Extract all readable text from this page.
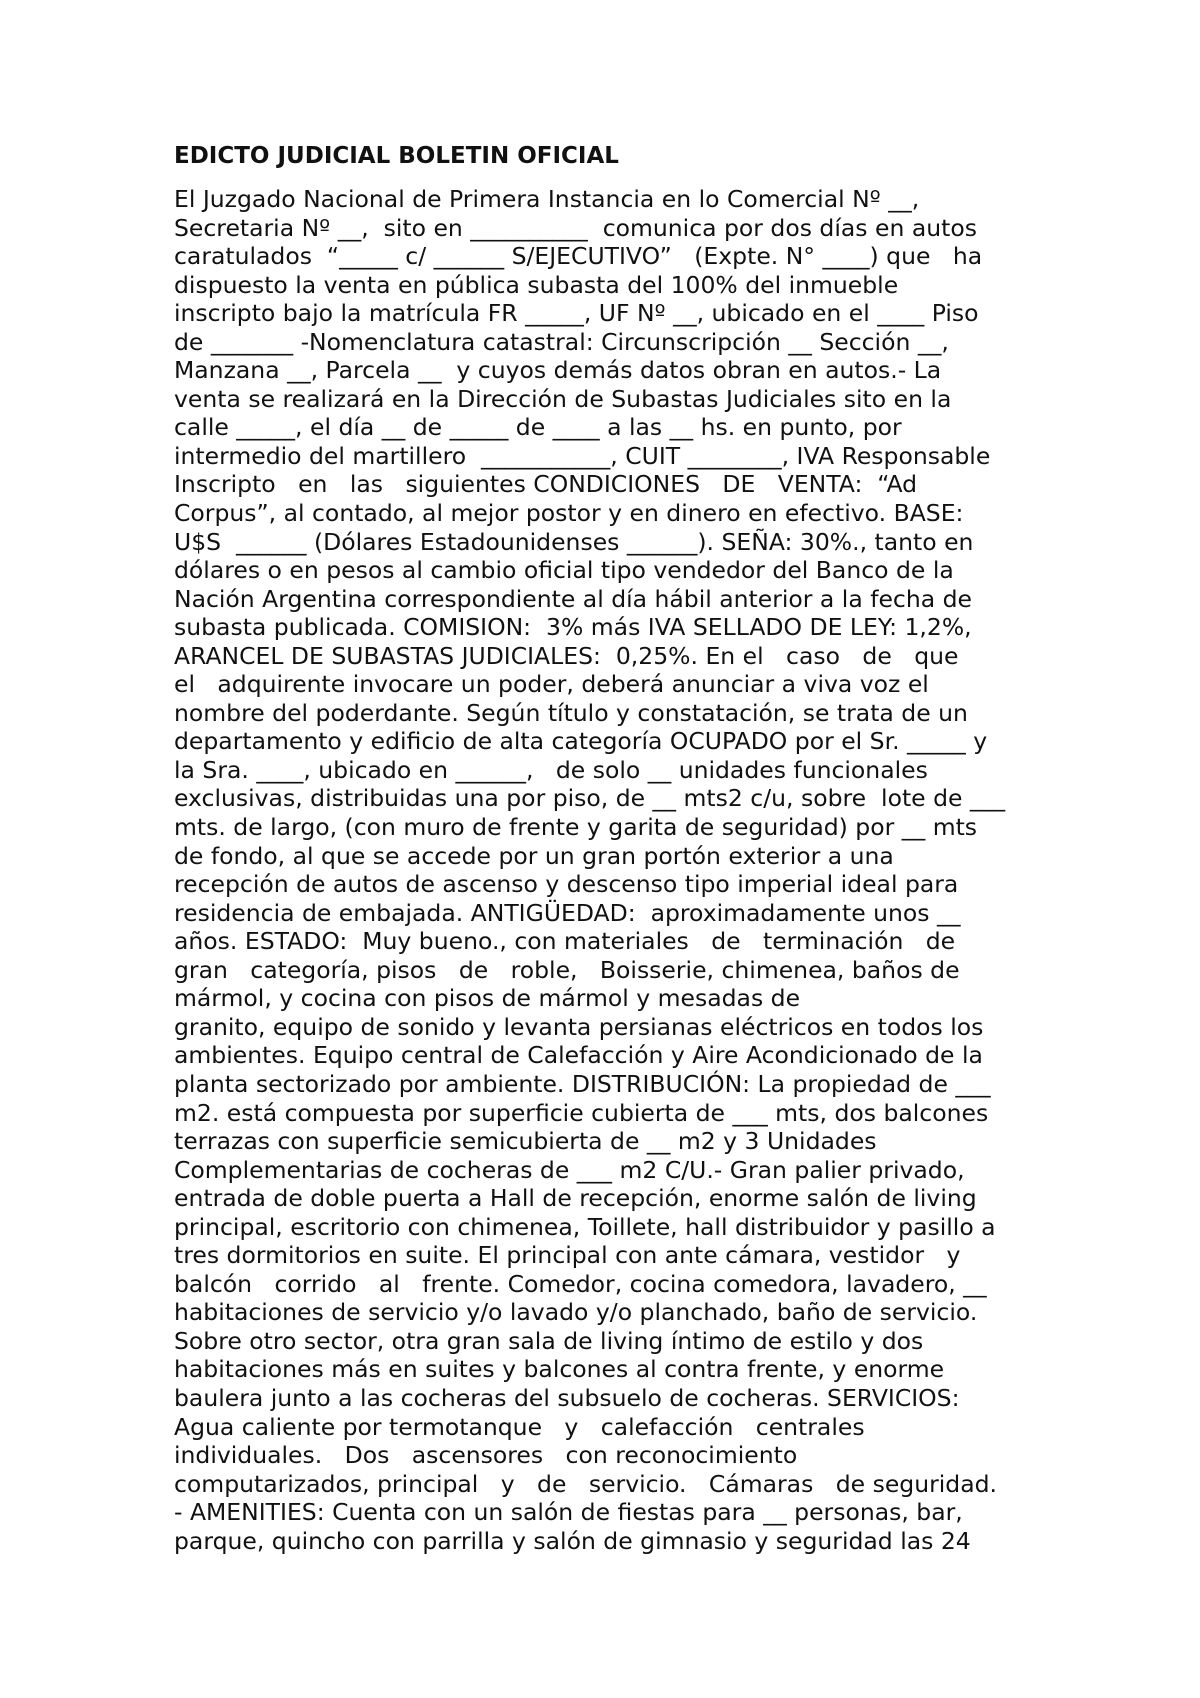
EDICTO JUDICIAL BOLETIN OFICIAL
El Juzgado Nacional de Primera Instancia en lo Comercial Nº __,
Secretaria Nº __,  sito en __________  comunica por dos días en autos
caratulados  “_____ c/ ______ S/EJECUTIVO”   (Expte. N° ____) que   ha
dispuesto la venta en pública subasta del 100% del inmueble
inscripto bajo la matrícula FR _____, UF Nº __, ubicado en el ____ Piso
de _______ -Nomenclatura catastral: Circunscripción __ Sección __,
Manzana __, Parcela __  y cuyos demás datos obran en autos.- La
venta se realizará en la Dirección de Subastas Judiciales sito en la
calle _____, el día __ de _____ de ____ a las __ hs. en punto, por
intermedio del martillero  ___________, CUIT ________, IVA Responsable
Inscripto   en   las   siguientes CONDICIONES   DE   VENTA:  “Ad
Corpus”, al contado, al mejor postor y en dinero en efectivo. BASE:
U$S  ______ (Dólares Estadounidenses ______). SEÑA: 30%., tanto en
dólares o en pesos al cambio oficial tipo vendedor del Banco de la
Nación Argentina correspondiente al día hábil anterior a la fecha de
subasta publicada. COMISION:  3% más IVA SELLADO DE LEY: 1,2%,
ARANCEL DE SUBASTAS JUDICIALES:  0,25%. En el   caso   de   que
el   adquirente invocare un poder, deberá anunciar a viva voz el
nombre del poderdante. Según título y constatación, se trata de un
departamento y edificio de alta categoría OCUPADO por el Sr. _____ y
la Sra. ____, ubicado en ______,   de solo __ unidades funcionales
exclusivas, distribuidas una por piso, de __ mts2 c/u, sobre  lote de ___
mts. de largo, (con muro de frente y garita de seguridad) por __ mts
de fondo, al que se accede por un gran portón exterior a una
recepción de autos de ascenso y descenso tipo imperial ideal para
residencia de embajada. ANTIGÜEDAD:  aproximadamente unos __
años. ESTADO:  Muy bueno., con materiales   de   terminación   de
gran   categoría, pisos   de   roble,   Boisserie, chimenea, baños de
mármol, y cocina con pisos de mármol y mesadas de
granito, equipo de sonido y levanta persianas eléctricos en todos los
ambientes. Equipo central de Calefacción y Aire Acondicionado de la
planta sectorizado por ambiente. DISTRIBUCIÓN: La propiedad de ___
m2. está compuesta por superficie cubierta de ___ mts, dos balcones
terrazas con superficie semicubierta de __ m2 y 3 Unidades
Complementarias de cocheras de ___ m2 C/U.- Gran palier privado,
entrada de doble puerta a Hall de recepción, enorme salón de living
principal, escritorio con chimenea, Toillete, hall distribuidor y pasillo a
tres dormitorios en suite. El principal con ante cámara, vestidor   y
balcón   corrido   al   frente. Comedor, cocina comedora, lavadero, __
habitaciones de servicio y/o lavado y/o planchado, baño de servicio.
Sobre otro sector, otra gran sala de living íntimo de estilo y dos
habitaciones más en suites y balcones al contra frente, y enorme
baulera junto a las cocheras del subsuelo de cocheras. SERVICIOS:
Agua caliente por termotanque   y   calefacción   centrales
individuales.   Dos   ascensores   con reconocimiento
computarizados, principal   y   de   servicio.   Cámaras   de seguridad.
- AMENITIES: Cuenta con un salón de fiestas para __ personas, bar,
parque, quincho con parrilla y salón de gimnasio y seguridad las 24
